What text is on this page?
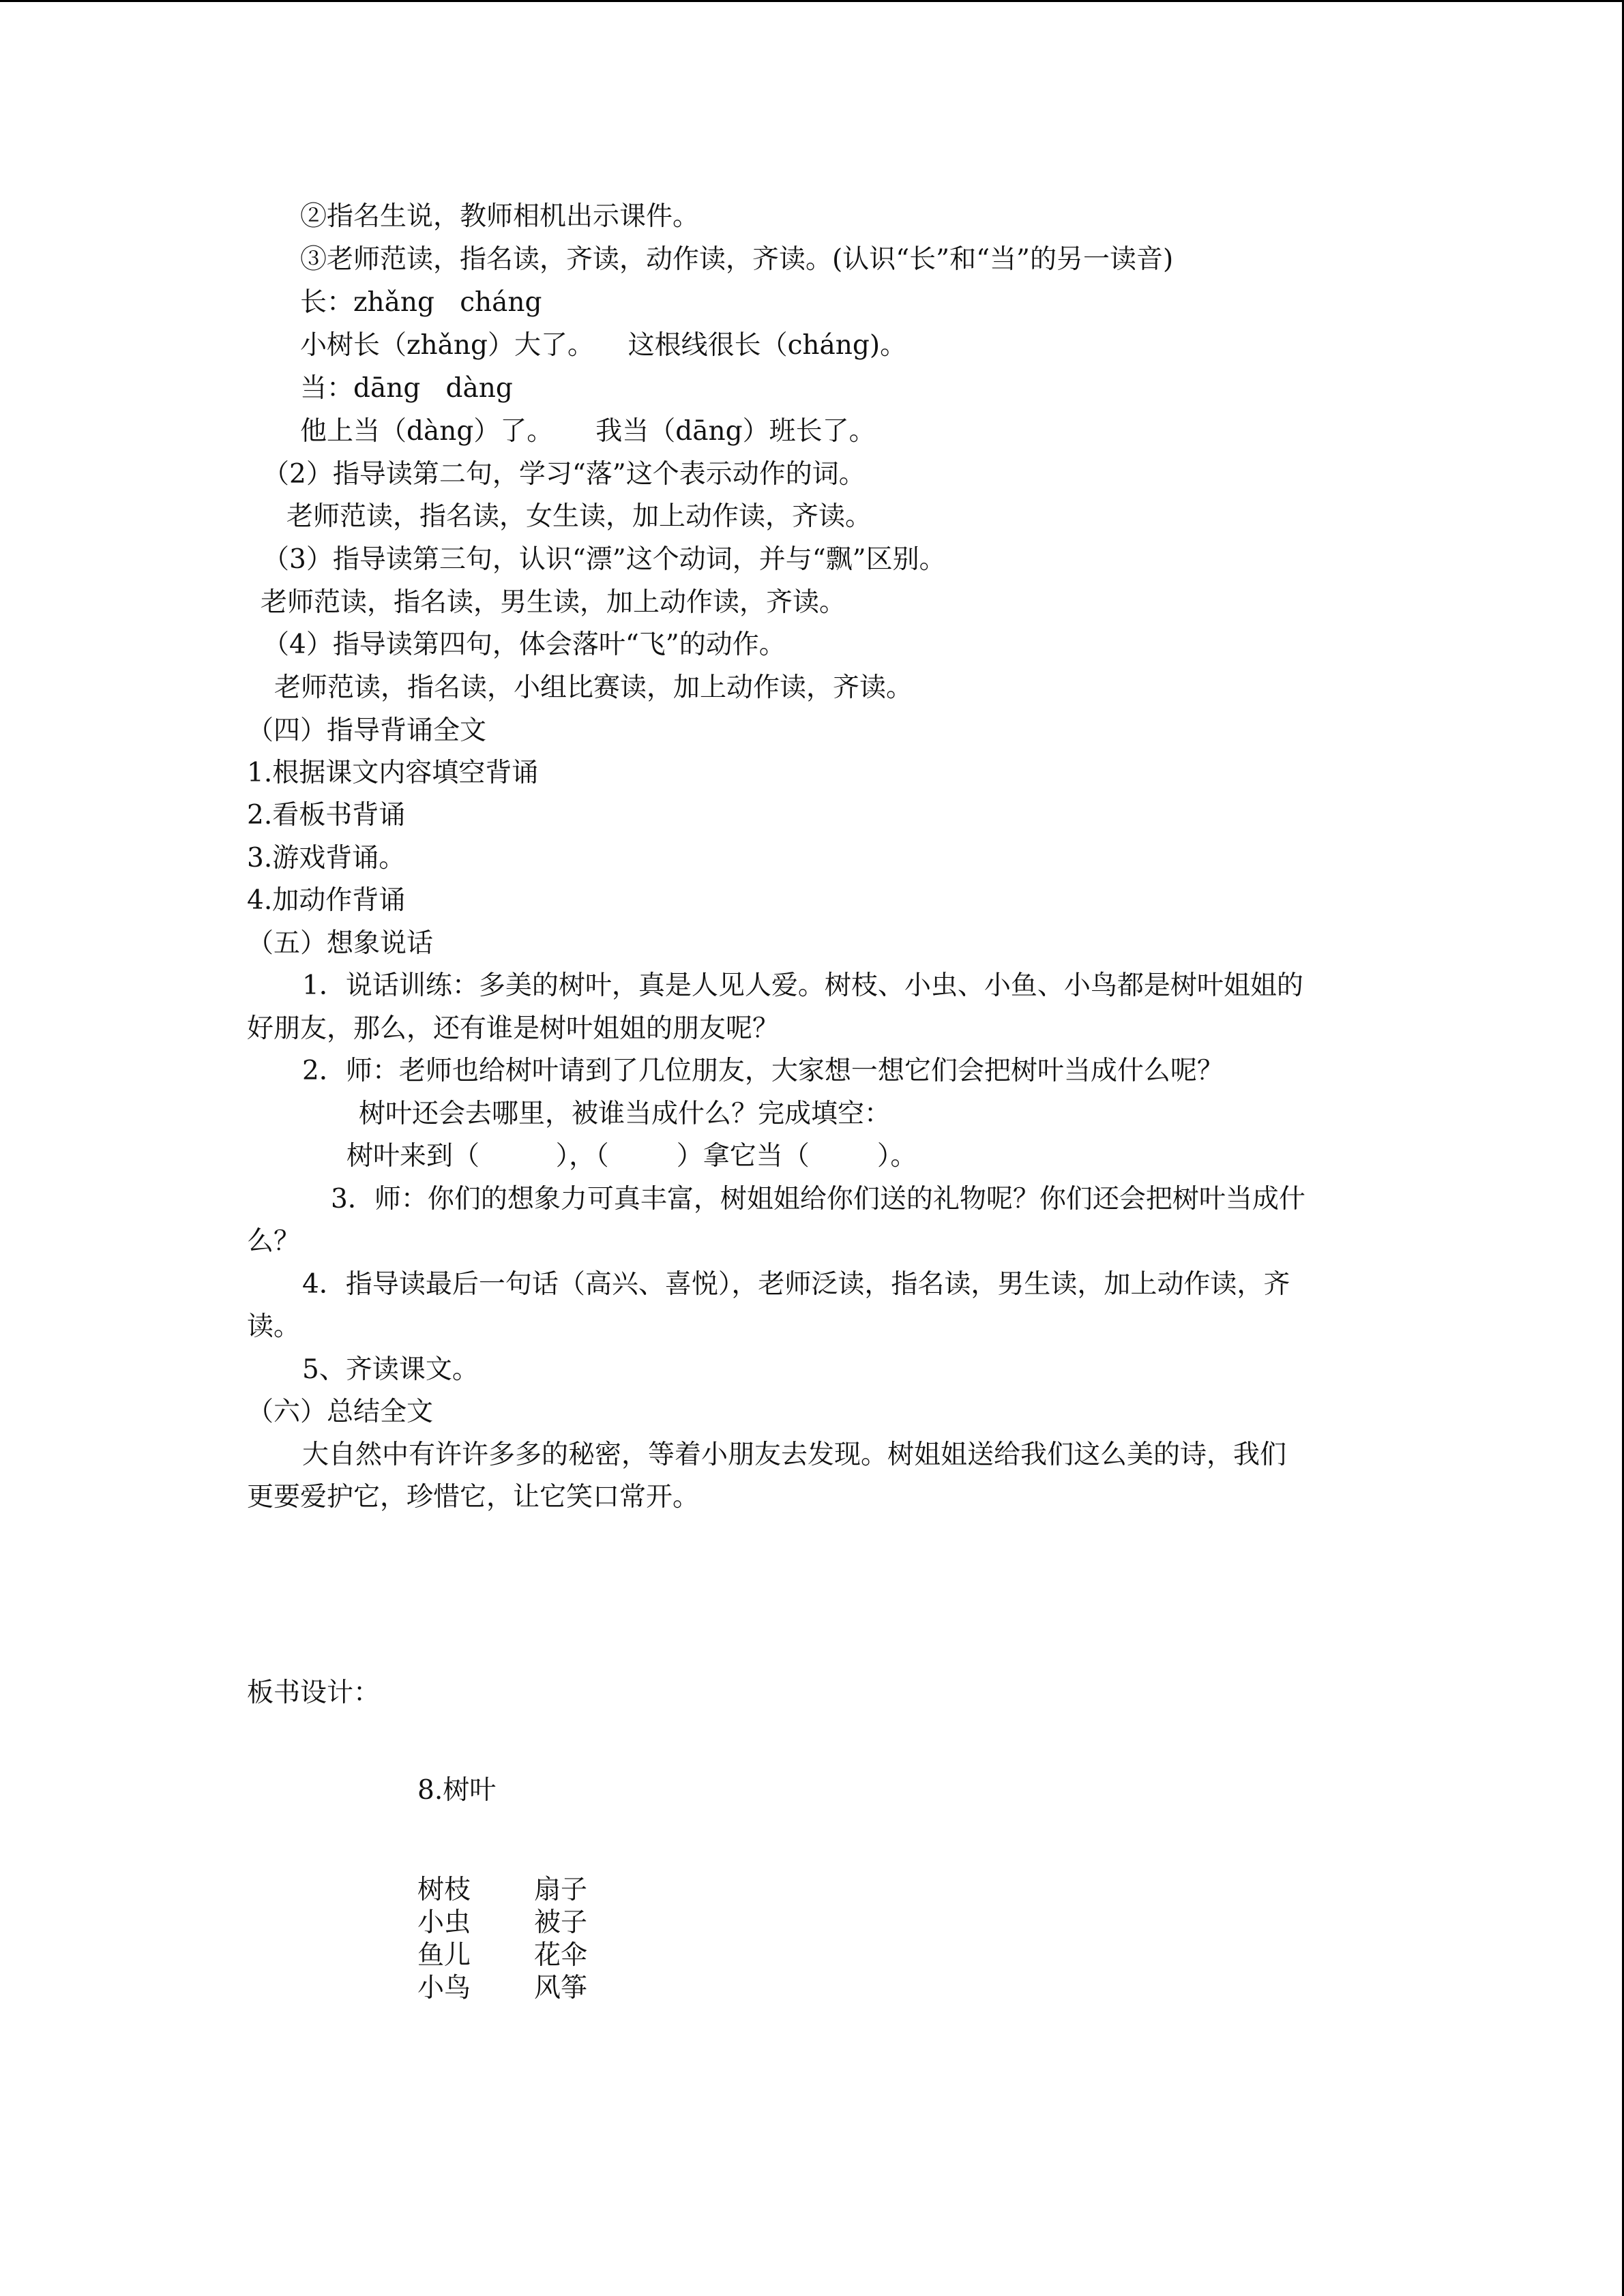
②指名生说，教师相机出示课件。

③老师范读，指名读，齐读，动作读，齐读。(认识“长”和“当”的另一读音)

长：zhǎng   cháng

小树长（zhǎng）大了。    这根线很长（cháng)。

当：dāng   dàng

他上当（dàng）了。     我当（dāng）班长了。

（2）指导读第二句，学习“落”这个表示动作的词。

老师范读，指名读，女生读，加上动作读，齐读。

（3）指导读第三句，认识“漂”这个动词，并与“飘”区别。

老师范读，指名读，男生读，加上动作读，齐读。

（4）指导读第四句，体会落叶“飞”的动作。

老师范读，指名读，小组比赛读，加上动作读，齐读。

（四）指导背诵全文

1.根据课文内容填空背诵

2.看板书背诵

3.游戏背诵。

4.加动作背诵

（五）想象说话

1．说话训练：多美的树叶，真是人见人爱。树枝、小虫、小鱼、小鸟都是树叶姐姐的

好朋友，那么，还有谁是树叶姐姐的朋友呢？

2．师：老师也给树叶请到了几位朋友，大家想一想它们会把树叶当成什么呢？

树叶还会去哪里，被谁当成什么？完成填空：

树叶来到（         ），（        ）拿它当（        ）。

3．师：你们的想象力可真丰富，树姐姐给你们送的礼物呢？你们还会把树叶当成什

么？

4．指导读最后一句话（高兴、喜悦），老师泛读，指名读，男生读，加上动作读，齐

读。

5、齐读课文。

（六）总结全文

大自然中有许许多多的秘密，等着小朋友去发现。树姐姐送给我们这么美的诗，我们

更要爱护它，珍惜它，让它笑口常开。

板书设计：

8.树叶

树枝 扇子

小虫 被子

鱼儿 花伞

小鸟 风筝
